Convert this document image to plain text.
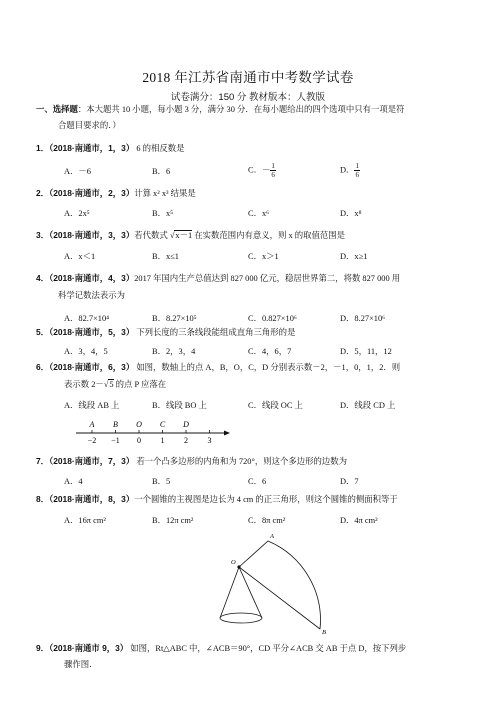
2018 年江苏省南通市中考数学试卷
试卷满分：150 分 教材版本：人教版
一、选择题：本大题共 10 小题，每小题 3 分，满分 30 分．在每小题给出的四个选项中只有一项是符
合题目要求的．）
1．（2018·南通市，1，3） 6 的相反数是
A．－6	B．6	C．－ $\frac{1}{6}$	D． $\frac{1}{6}$
2．（2018·南通市，2，3）计算 x² x³ 结果是
A．2x⁵	B．x⁵	C．x⁶	D．x⁸
3．（2018·南通市，3，3）若代数式 √x－1 在实数范围内有意义，则 x 的取值范围是
A．x＜1	B．x≤1	C．x＞1	D．x≥1
4．（2018·南通市，4，3）2017 年国内生产总值达到 827 000 亿元，稳居世界第二，将数 827 000 用
科学记数法表示为
A．82.7×10⁴	B．8.27×10⁵	C．0.827×10⁶	D．8.27×10⁶
5．（2018·南通市，5，3） 下列长度的三条线段能组成直角三角形的是
A．3，4，5	B．2，3，4	C．4，6，7	D．5，11，12
6．（2018·南通市，6，3） 如图，数轴上的点 A，B，O，C，D 分别表示数－2，－1，0，1，2．则
表示数 2－√5 的点 P 应落在
A．线段 AB 上	B．线段 BO 上	C．线段 OC 上	D．线段 CD 上
−2 −1 0 1 2 3
A B O C D
7．（2018·南通市，7，3） 若一个凸多边形的内角和为 720°，则这个多边形的边数为
A．4	B．5	C．6	D．7
8．（2018·南通市，8，3）一个圆锥的主视图是边长为 4 cm 的正三角形，则这个圆锥的侧面积等于
A．16π cm²	B．12π cm²	C．8π cm²	D．4π cm²
O
A
B
9．（2018·南通市 9，3） 如图，Rt△ABC 中，∠ACB＝90°，CD 平分∠ACB 交 AB 于点 D，按下列步
骤作图．
